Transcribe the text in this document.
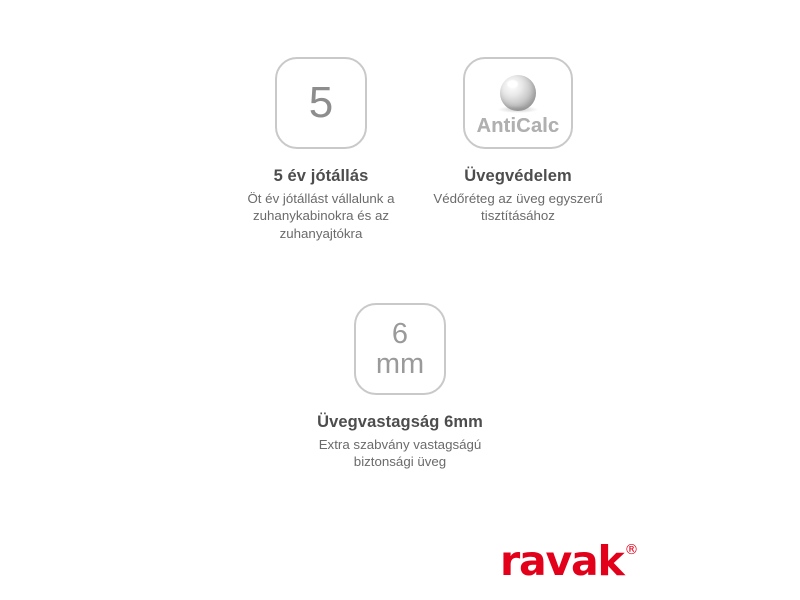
5
5 év jótállás
Öt év jótállást vállalunk a zuhanykabinokra és az zuhanyajtókra
AntiCalc
Üvegvédelem
Védőréteg az üveg egyszerű tisztításához
6
mm
Üvegvastagság 6mm
Extra szabvány vastagságú biztonsági üveg
ravak ®
